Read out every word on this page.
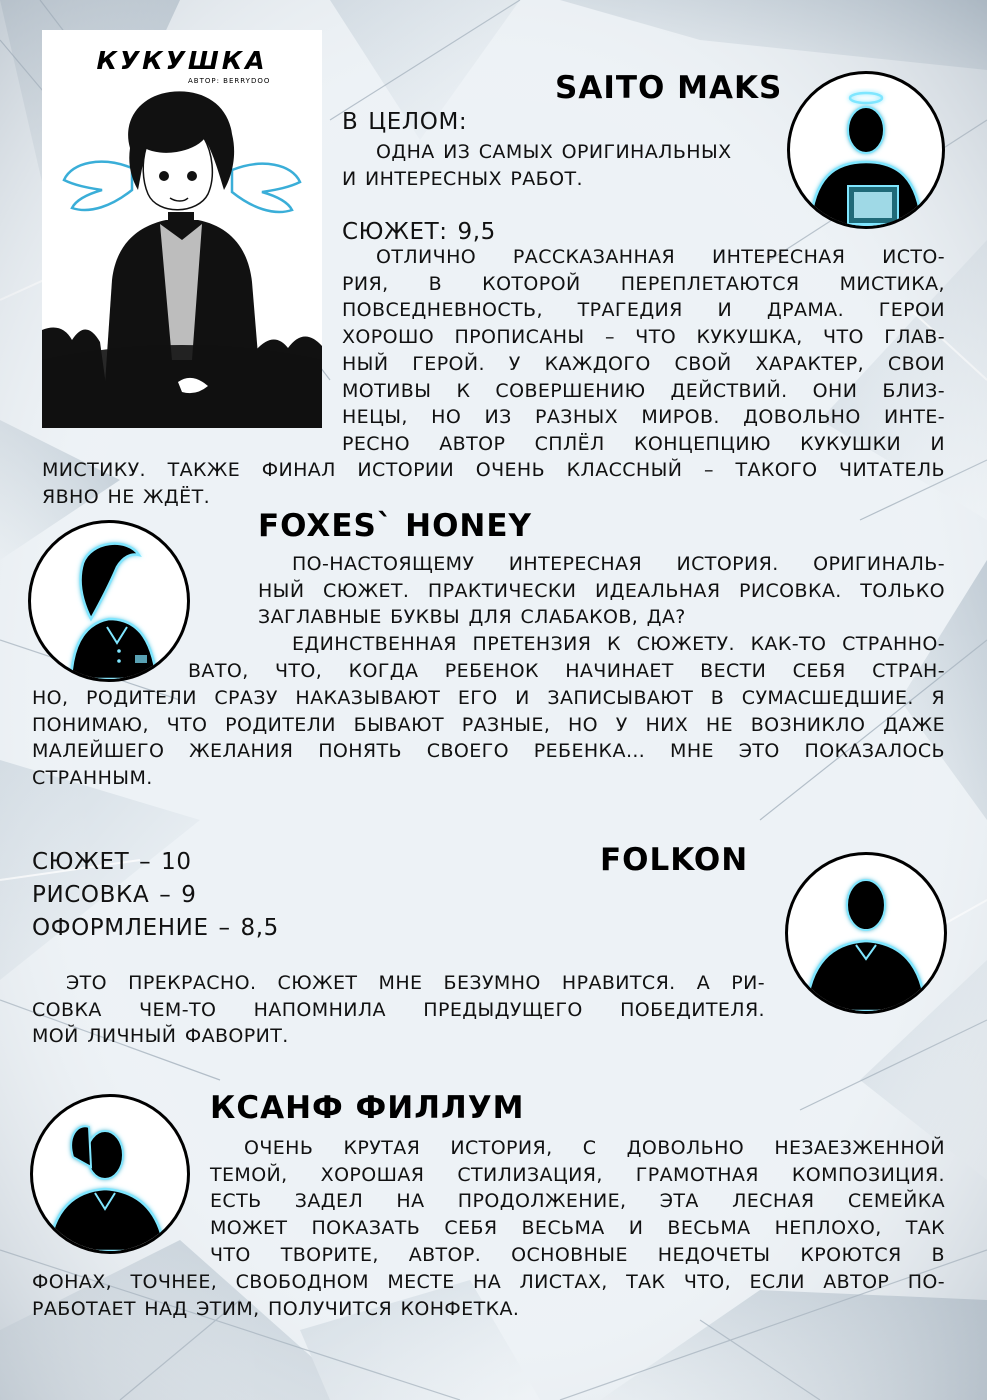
КУКУШКА
АВТОР: BERRYDOO	SAITO MAKS
В ЦЕЛОМ:
ОДНА ИЗ САМЫХ ОРИГИНАЛЬНЫХ
И ИНТЕРЕСНЫХ РАБОТ.
СЮЖЕТ: 9,5
ОТЛИЧНО РАССКАЗАННАЯ ИНТЕРЕСНАЯ ИСТО-
РИЯ, В КОТОРОЙ ПЕРЕПЛЕТАЮТСЯ МИСТИКА,
ПОВСЕДНЕВНОСТЬ, ТРАГЕДИЯ И ДРАМА. ГЕРОИ
ХОРОШО ПРОПИСАНЫ – ЧТО КУКУШКА, ЧТО ГЛАВ-
НЫЙ ГЕРОЙ. У КАЖДОГО СВОЙ ХАРАКТЕР, СВОИ
МОТИВЫ К СОВЕРШЕНИЮ ДЕЙСТВИЙ. ОНИ БЛИЗ-
НЕЦЫ, НО ИЗ РАЗНЫХ МИРОВ. ДОВОЛЬНО ИНТЕ-
РЕСНО АВТОР СПЛЁЛ КОНЦЕПЦИЮ КУКУШКИ И
МИСТИКУ. ТАКЖЕ ФИНАЛ ИСТОРИИ ОЧЕНЬ КЛАССНЫЙ – ТАКОГО ЧИТАТЕЛЬ
ЯВНО НЕ ЖДЁТ.
FOXES` HONEY
ПО-НАСТОЯЩЕМУ ИНТЕРЕСНАЯ ИСТОРИЯ. ОРИГИНАЛЬ-
НЫЙ СЮЖЕТ. ПРАКТИЧЕСКИ ИДЕАЛЬНАЯ РИСОВКА. ТОЛЬКО
ЗАГЛАВНЫЕ БУКВЫ ДЛЯ СЛАБАКОВ, ДА?
ЕДИНСТВЕННАЯ ПРЕТЕНЗИЯ К СЮЖЕТУ. КАК-ТО СТРАННО-
ВАТО, ЧТО, КОГДА РЕБЕНОК НАЧИНАЕТ ВЕСТИ СЕБЯ СТРАН-
НО, РОДИТЕЛИ СРАЗУ НАКАЗЫВАЮТ ЕГО И ЗАПИСЫВАЮТ В СУМАСШЕДШИЕ. Я
ПОНИМАЮ, ЧТО РОДИТЕЛИ БЫВАЮТ РАЗНЫЕ, НО У НИХ НЕ ВОЗНИКЛО ДАЖЕ
МАЛЕЙШЕГО ЖЕЛАНИЯ ПОНЯТЬ СВОЕГО РЕБЕНКА… МНЕ ЭТО ПОКАЗАЛОСЬ
СТРАННЫМ.
FOLKON
СЮЖЕТ – 10
РИСОВКА – 9
ОФОРМЛЕНИЕ – 8,5
ЭТО ПРЕКРАСНО. СЮЖЕТ МНЕ БЕЗУМНО НРАВИТСЯ. А РИ-
СОВКА ЧЕМ-ТО НАПОМНИЛА ПРЕДЫДУЩЕГО ПОБЕДИТЕЛЯ.
МОЙ ЛИЧНЫЙ ФАВОРИТ.
КСАНФ ФИЛЛУМ
ОЧЕНЬ КРУТАЯ ИСТОРИЯ, С ДОВОЛЬНО НЕЗАЕЗЖЕННОЙ
ТЕМОЙ, ХОРОШАЯ СТИЛИЗАЦИЯ, ГРАМОТНАЯ КОМПОЗИЦИЯ.
ЕСТЬ ЗАДЕЛ НА ПРОДОЛЖЕНИЕ, ЭТА ЛЕСНАЯ СЕМЕЙКА
МОЖЕТ ПОКАЗАТЬ СЕБЯ ВЕСЬМА И ВЕСЬМА НЕПЛОХО, ТАК
ЧТО ТВОРИТЕ, АВТОР. ОСНОВНЫЕ НЕДОЧЕТЫ КРОЮТСЯ В
ФОНАХ, ТОЧНЕЕ, СВОБОДНОМ МЕСТЕ НА ЛИСТАХ, ТАК ЧТО, ЕСЛИ АВТОР ПО-
РАБОТАЕТ НАД ЭТИМ, ПОЛУЧИТСЯ КОНФЕТКА.
